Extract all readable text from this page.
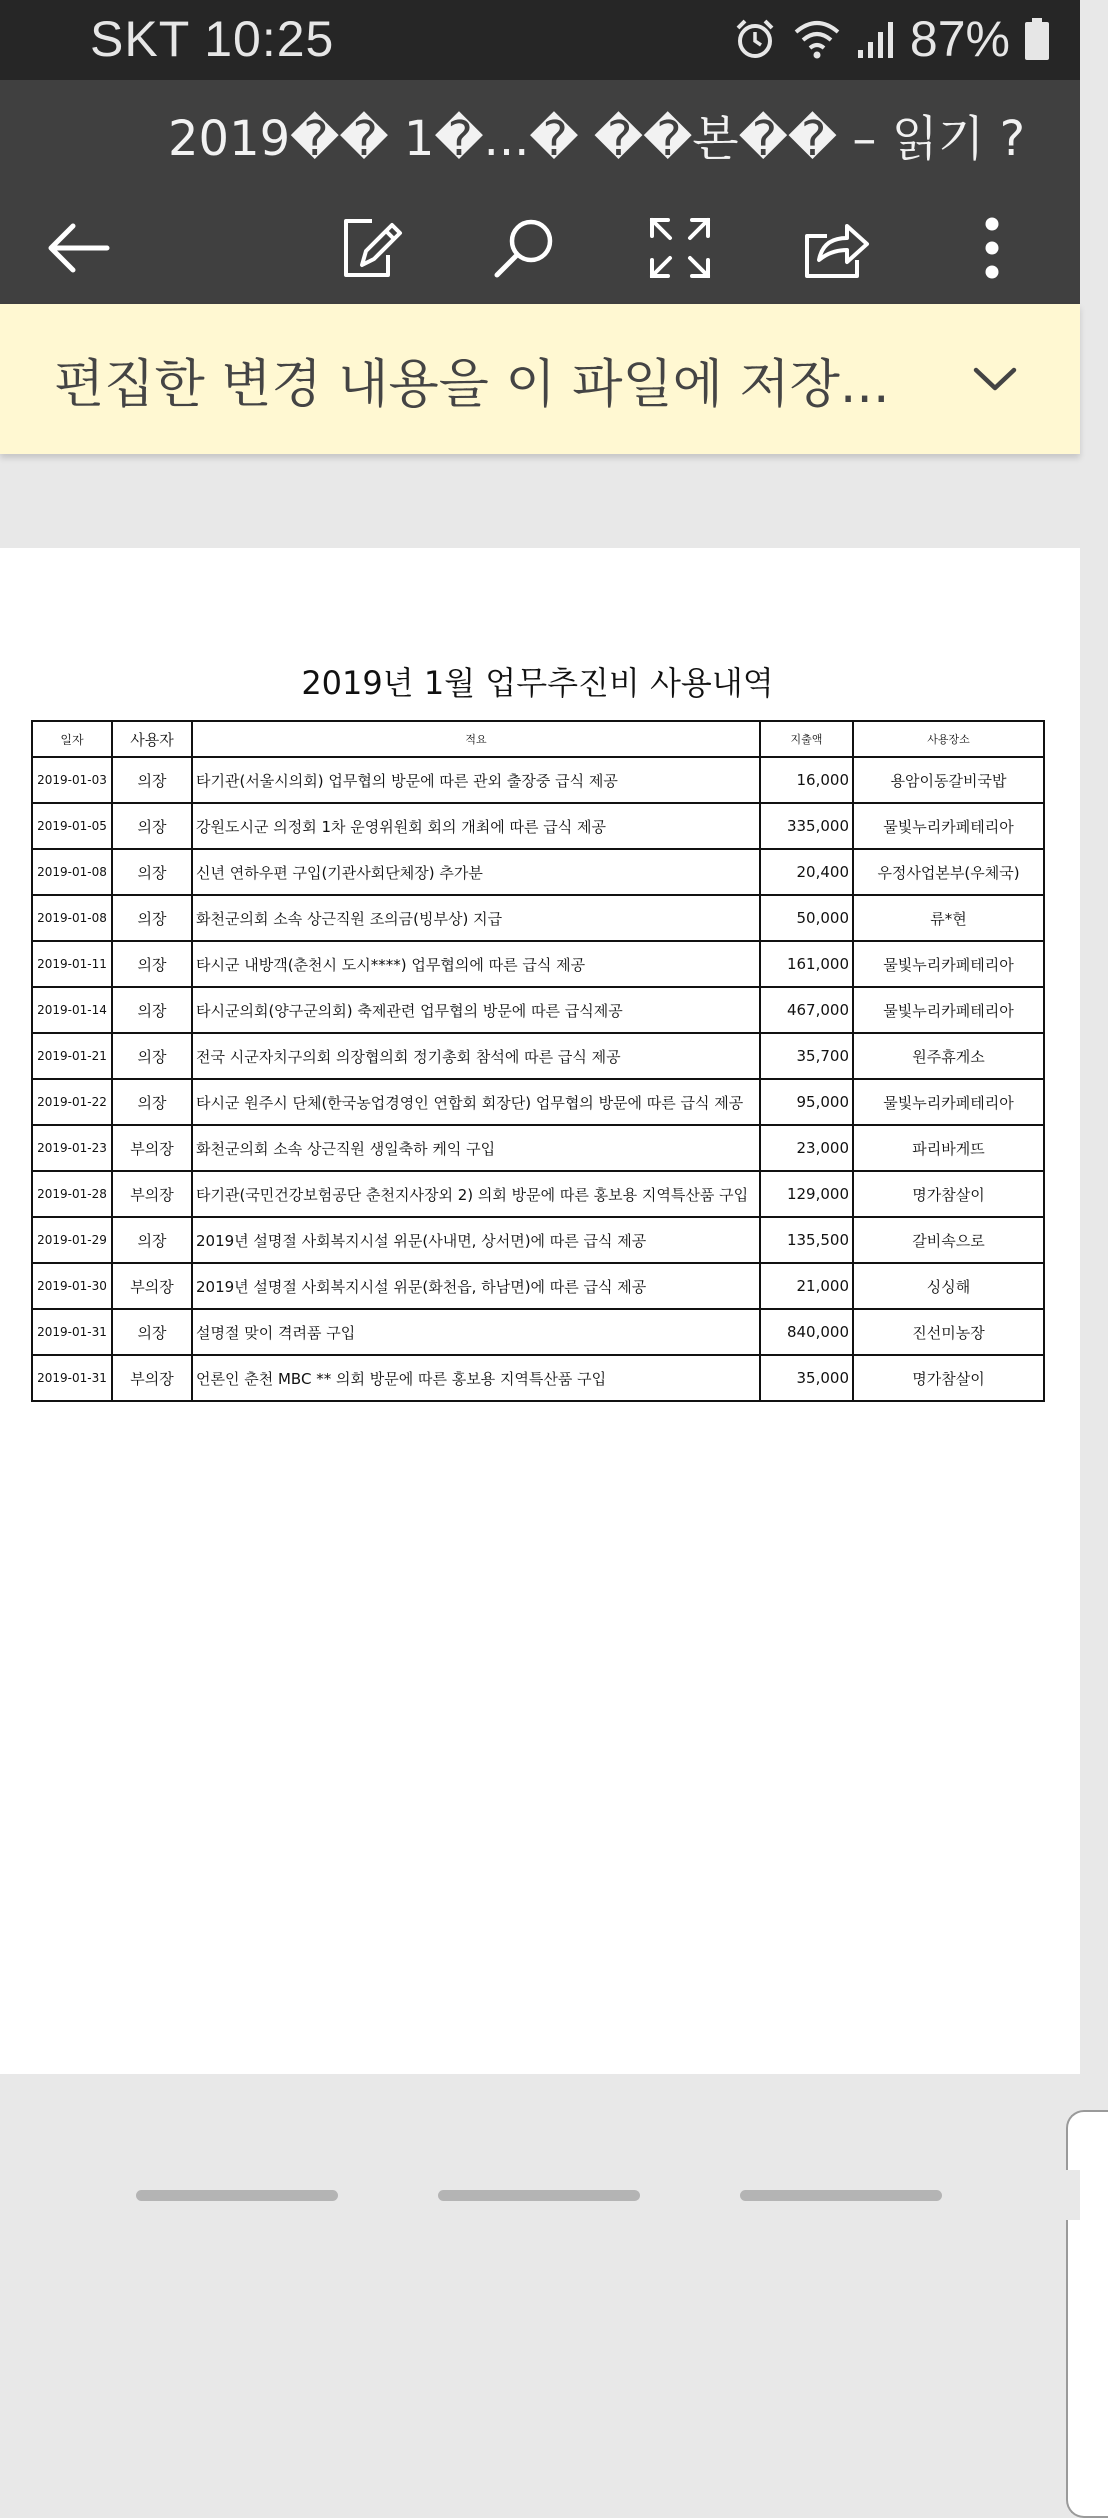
SKT 10:25	87%
2019�� 1�...� ��본�� – 읽기 ?
편집한 변경 내용을 이 파일에 저장...
2019년 1월 업무추진비 사용내역
일자	사용자	적요	지출액	사용장소
2019-01-03	의장	타기관(서울시의회) 업무협의 방문에 따른 관외 출장중 급식 제공	16,000	용암이동갈비국밥
2019-01-05	의장	강원도시군 의정회 1차 운영위원회 회의 개최에 따른 급식 제공	335,000	물빛누리카페테리아
2019-01-08	의장	신년 연하우편 구입(기관사회단체장) 추가분	20,400	우정사업본부(우체국)
2019-01-08	의장	화천군의회 소속 상근직원 조의금(빙부상) 지급	50,000	류*현
2019-01-11	의장	타시군 내방객(춘천시 도시****) 업무협의에 따른 급식 제공	161,000	물빛누리카페테리아
2019-01-14	의장	타시군의회(양구군의회) 축제관련 업무협의 방문에 따른 급식제공	467,000	물빛누리카페테리아
2019-01-21	의장	전국 시군자치구의회 의장협의회 정기총회 참석에 따른 급식 제공	35,700	원주휴게소
2019-01-22	의장	타시군 원주시 단체(한국농업경영인 연합회 회장단) 업무협의 방문에 따른 급식 제공	95,000	물빛누리카페테리아
2019-01-23	부의장	화천군의회 소속 상근직원 생일축하 케익 구입	23,000	파리바게뜨
2019-01-28	부의장	타기관(국민건강보험공단 춘천지사장외 2) 의회 방문에 따른 홍보용 지역특산품 구입	129,000	명가참살이
2019-01-29	의장	2019년 설명절 사회복지시설 위문(사내면, 상서면)에 따른 급식 제공	135,500	갈비속으로
2019-01-30	부의장	2019년 설명절 사회복지시설 위문(화천읍, 하남면)에 따른 급식 제공	21,000	싱싱해
2019-01-31	의장	설명절 맞이 격려품 구입	840,000	진선미농장
2019-01-31	부의장	언론인 춘천 MBC ** 의회 방문에 따른 홍보용 지역특산품 구입	35,000	명가참살이
